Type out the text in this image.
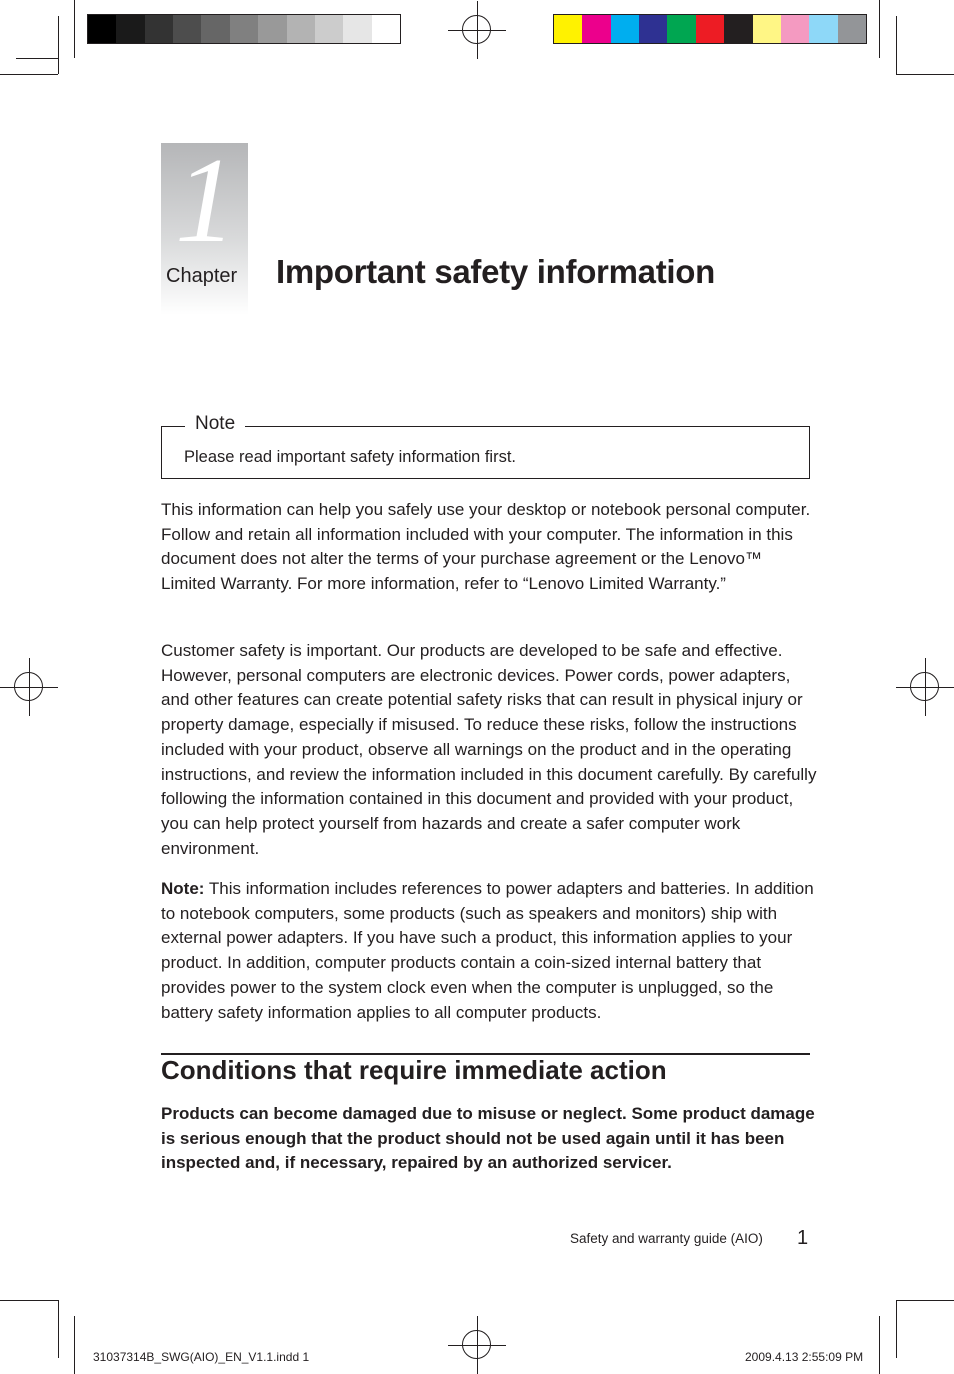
1
Chapter Important safety information
Note
Please read important safety information first.

This information can help you safely use your desktop or notebook personal computer. Follow and retain all information included with your computer. The information in this document does not alter the terms of your purchase agreement or the Lenovo™ Limited Warranty. For more information, refer to “Lenovo Limited Warranty.”

Customer safety is important. Our products are developed to be safe and effective. However, personal computers are electronic devices. Power cords, power adapters, and other features can create potential safety risks that can result in physical injury or property damage, especially if misused. To reduce these risks, follow the instructions included with your product, observe all warnings on the product and in the operating instructions, and review the information included in this document carefully. By carefully following the information contained in this document and provided with your product, you can help protect yourself from hazards and create a safer computer work environment.

Note: This information includes references to power adapters and batteries. In addition to notebook computers, some products (such as speakers and monitors) ship with external power adapters. If you have such a product, this information applies to your product. In addition, computer products contain a coin-sized internal battery that provides power to the system clock even when the computer is unplugged, so the battery safety information applies to all computer products.

Conditions that require immediate action

Products can become damaged due to misuse or neglect. Some product damage is serious enough that the product should not be used again until it has been inspected and, if necessary, repaired by an authorized servicer.

Safety and warranty guide (AIO) 1
31037314B_SWG(AIO)_EN_V1.1.indd 1	2009.4.13 2:55:09 PM
